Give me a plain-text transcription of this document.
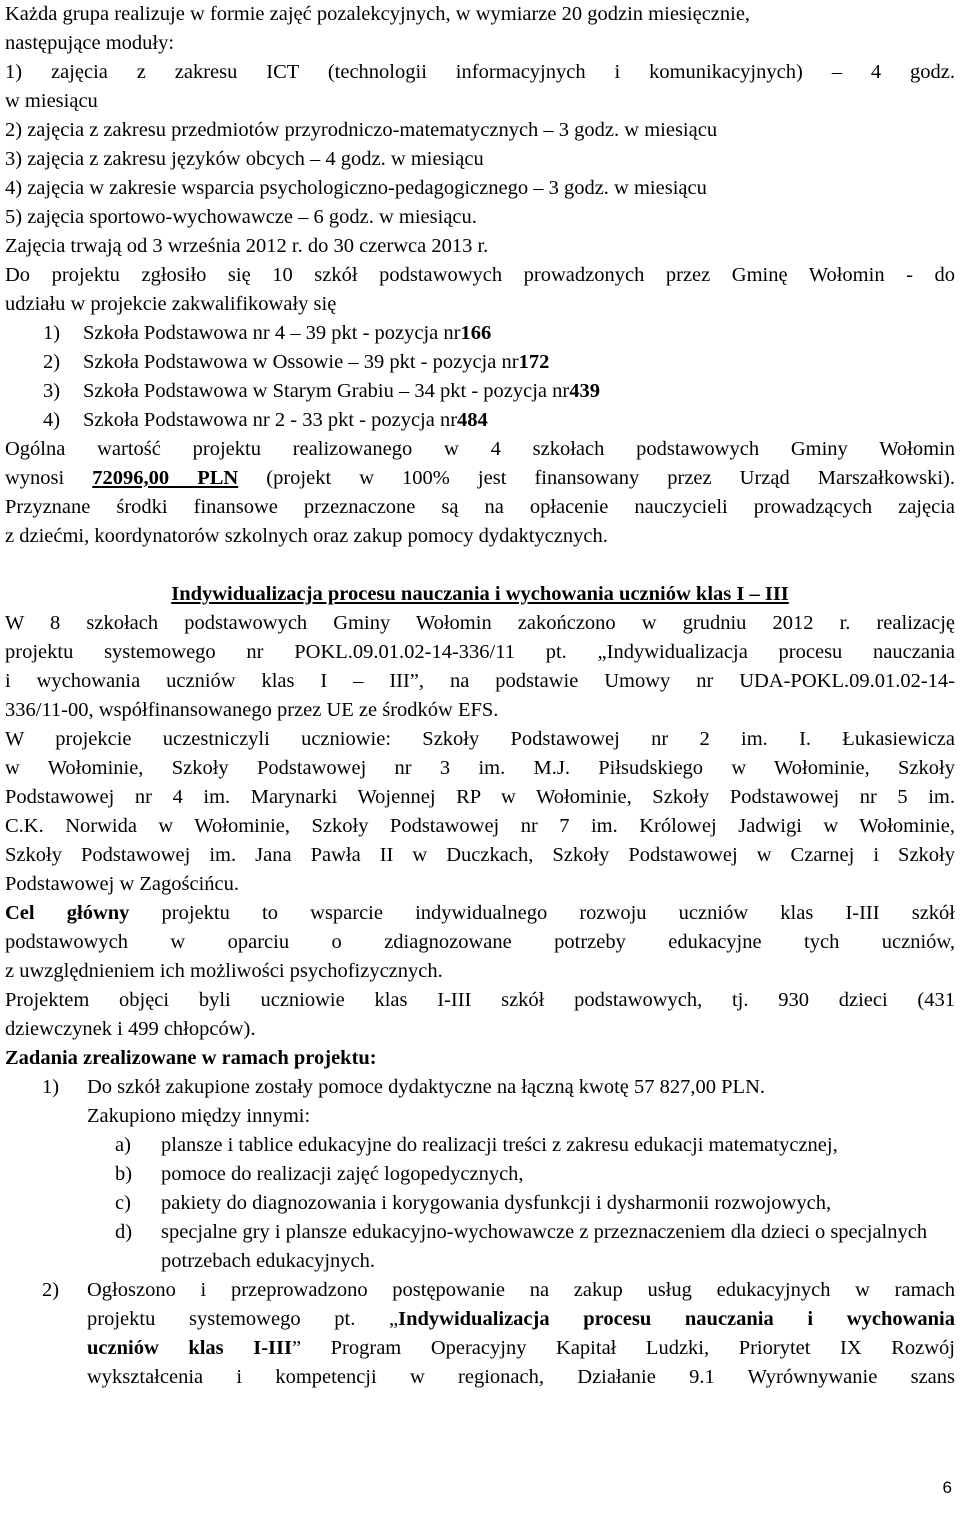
Każda grupa realizuje w formie zajęć pozalekcyjnych, w wymiarze 20 godzin miesięcznie,

następujące moduły:

1) zajęcia z zakresu ICT (technologii informacyjnych i komunikacyjnych) – 4 godz.

w miesiącu

2) zajęcia z zakresu przedmiotów przyrodniczo-matematycznych – 3 godz. w miesiącu

3) zajęcia z zakresu języków obcych – 4 godz. w miesiącu

4) zajęcia w zakresie wsparcia psychologiczno-pedagogicznego – 3 godz. w miesiącu

5) zajęcia sportowo-wychowawcze – 6 godz. w miesiącu.

Zajęcia trwają od 3 września 2012 r. do 30 czerwca 2013 r.

Do projektu zgłosiło się 10 szkół podstawowych prowadzonych przez Gminę Wołomin - do

udziału w projekcie zakwalifikowały się

1)	Szkoła Podstawowa nr 4 – 39 pkt - pozycja nr 166
2)	Szkoła Podstawowa w Ossowie – 39 pkt - pozycja nr 172
3)	Szkoła Podstawowa w Starym Grabiu – 34 pkt - pozycja nr 439
4)	Szkoła Podstawowa nr 2 - 33 pkt - pozycja nr 484

Ogólna wartość projektu realizowanego w 4 szkołach podstawowych Gminy Wołomin

wynosi 72096,00 PLN (projekt w 100% jest finansowany przez Urząd Marszałkowski).

Przyznane środki finansowe przeznaczone są na opłacenie nauczycieli prowadzących zajęcia

z dziećmi, koordynatorów szkolnych oraz zakup pomocy dydaktycznych.

Indywidualizacja procesu nauczania i wychowania uczniów klas I – III

W 8 szkołach podstawowych Gminy Wołomin zakończono w grudniu 2012 r. realizację

projektu systemowego nr POKL.09.01.02-14-336/11 pt. „Indywidualizacja procesu nauczania

i wychowania uczniów klas I – III”, na podstawie Umowy nr UDA-POKL.09.01.02-14-

336/11-00, współfinansowanego przez UE ze środków EFS.

W projekcie uczestniczyli uczniowie: Szkoły Podstawowej nr 2 im. I. Łukasiewicza

w Wołominie, Szkoły Podstawowej nr 3 im. M.J. Piłsudskiego w Wołominie, Szkoły

Podstawowej nr 4 im. Marynarki Wojennej RP w Wołominie, Szkoły Podstawowej nr 5 im.

C.K. Norwida w Wołominie, Szkoły Podstawowej nr 7 im. Królowej Jadwigi w Wołominie,

Szkoły Podstawowej im. Jana Pawła II w Duczkach, Szkoły Podstawowej w Czarnej i Szkoły

Podstawowej w Zagościńcu.

Cel główny projektu to wsparcie indywidualnego rozwoju uczniów klas I-III szkół

podstawowych w oparciu o zdiagnozowane potrzeby edukacyjne tych uczniów,

z uwzględnieniem ich możliwości psychofizycznych.

Projektem objęci byli uczniowie klas I-III szkół podstawowych, tj. 930 dzieci (431

dziewczynek i 499 chłopców).

Zadania zrealizowane w ramach projektu:

1)	Do szkół zakupione zostały pomoce dydaktyczne na łączną kwotę 57 827,00 PLN.

Zakupiono między innymi:

a)	plansze i tablice edukacyjne do realizacji treści z zakresu edukacji matematycznej,
b)	pomoce do realizacji zajęć logopedycznych,
c)	pakiety do diagnozowania i korygowania dysfunkcji i dysharmonii rozwojowych,
d)	specjalne gry i plansze edukacyjno-wychowawcze z przeznaczeniem dla dzieci o specjalnych potrzebach edukacyjnych.
2)	Ogłoszono i przeprowadzono postępowanie na zakup usług edukacyjnych w ramach

projektu systemowego pt. „Indywidualizacja procesu nauczania i wychowania

uczniów klas I-III” Program Operacyjny Kapitał Ludzki, Priorytet IX Rozwój

wykształcenia i kompetencji w regionach, Działanie 9.1 Wyrównywanie szans

6
